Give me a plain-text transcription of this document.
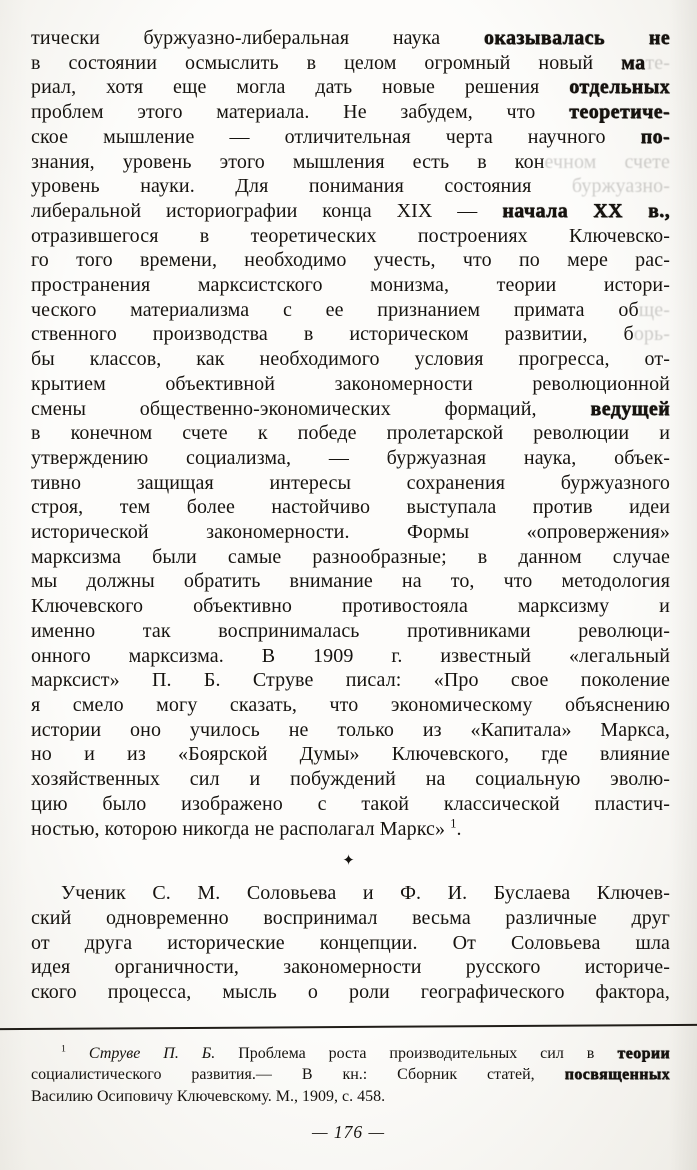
тически буржуазно-либеральная наука оказывалась не
в состоянии осмыслить в целом огромный новый мате-
риал, хотя еще могла дать новые решения отдельных
проблем этого материала. Не забудем, что теоретиче-
ское мышление — отличительная черта научного по-
знания, уровень этого мышления есть в конечном счете
уровень науки. Для понимания состояния буржуазно-
либеральной историографии конца XIX — начала XX в.,
отразившегося в теоретических построениях Ключевско-
го того времени, необходимо учесть, что по мере рас-
пространения марксистского монизма, теории истори-
ческого материализма с ее признанием примата обще-
ственного производства в историческом развитии, борь-
бы классов, как необходимого условия прогресса, от-
крытием объективной закономерности революционной
смены общественно-экономических формаций, ведущей
в конечном счете к победе пролетарской революции и
утверждению социализма, — буржуазная наука, объек-
тивно защищая интересы сохранения буржуазного
строя, тем более настойчиво выступала против идеи
исторической закономерности. Формы «опровержения»
марксизма были самые разнообразные; в данном случае
мы должны обратить внимание на то, что методология
Ключевского объективно противостояла марксизму и
именно так воспринималась противниками революци-
онного марксизма. В 1909 г. известный «легальный
марксист» П. Б. Струве писал: «Про свое поколение
я смело могу сказать, что экономическому объяснению
истории оно училось не только из «Капитала» Маркса,
но и из «Боярской Думы» Ключевского, где влияние
хозяйственных сил и побуждений на социальную эволю-
цию было изображено с такой классической пластич-
ностью, которою никогда не располагал Маркс» $^1$.
✦
Ученик С. М. Соловьева и Ф. И. Буслаева Ключев-
ский одновременно воспринимал весьма различные друг
от друга исторические концепции. От Соловьева шла
идея органичности, закономерности русского историче-
ского процесса, мысль о роли географического фактора,
$^1$ Струве П. Б. Проблема роста производительных сил в теории
социалистического развития.— В кн.: Сборник статей, посвященных
Василию Осиповичу Ключевскому. М., 1909, с. 458.
— 176 —
